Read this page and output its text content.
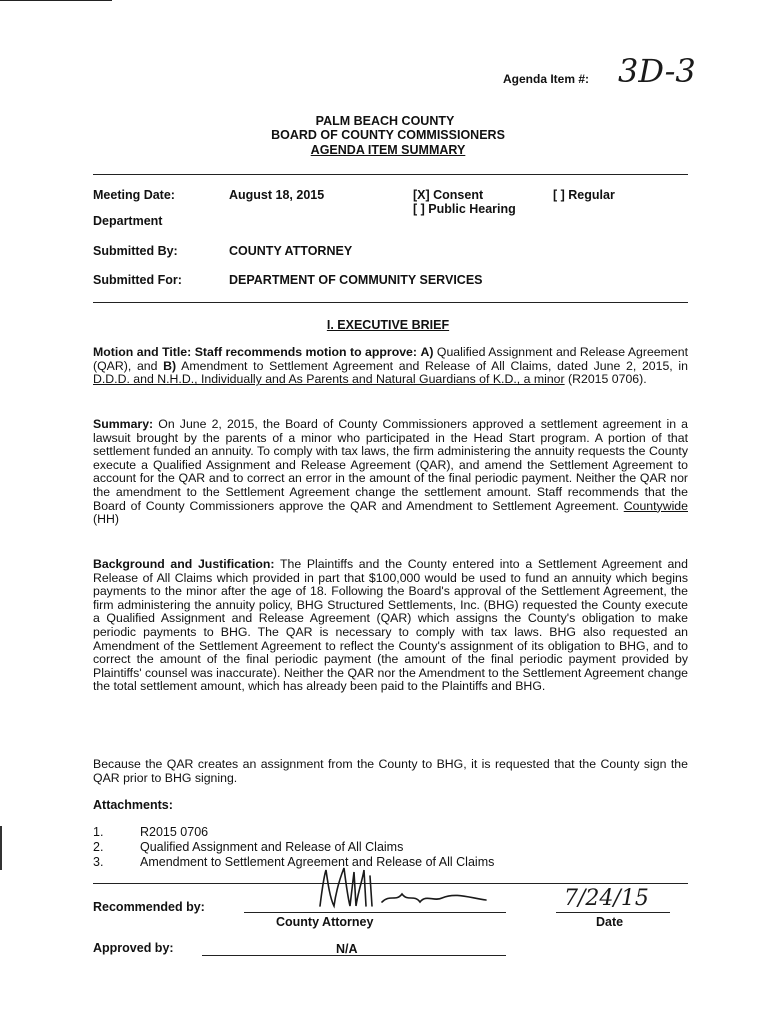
Agenda Item #: 3D-3
PALM BEACH COUNTY
BOARD OF COUNTY COMMISSIONERS
AGENDA ITEM SUMMARY
Meeting Date:	August 18, 2015	[X] Consent	[ ] Regular
[ ] Public Hearing
Department
Submitted By:	COUNTY ATTORNEY
Submitted For:	DEPARTMENT OF COMMUNITY SERVICES
I. EXECUTIVE BRIEF
Motion and Title: Staff recommends motion to approve: A) Qualified Assignment and Release Agreement (QAR), and B) Amendment to Settlement Agreement and Release of All Claims, dated June 2, 2015, in D.D.D. and N.H.D., Individually and As Parents and Natural Guardians of K.D., a minor (R2015 0706).
Summary: On June 2, 2015, the Board of County Commissioners approved a settlement agreement in a lawsuit brought by the parents of a minor who participated in the Head Start program. A portion of that settlement funded an annuity. To comply with tax laws, the firm administering the annuity requests the County execute a Qualified Assignment and Release Agreement (QAR), and amend the Settlement Agreement to account for the QAR and to correct an error in the amount of the final periodic payment. Neither the QAR nor the amendment to the Settlement Agreement change the settlement amount. Staff recommends that the Board of County Commissioners approve the QAR and Amendment to Settlement Agreement. Countywide (HH)
Background and Justification: The Plaintiffs and the County entered into a Settlement Agreement and Release of All Claims which provided in part that $100,000 would be used to fund an annuity which begins payments to the minor after the age of 18. Following the Board's approval of the Settlement Agreement, the firm administering the annuity policy, BHG Structured Settlements, Inc. (BHG) requested the County execute a Qualified Assignment and Release Agreement (QAR) which assigns the County's obligation to make periodic payments to BHG. The QAR is necessary to comply with tax laws. BHG also requested an Amendment of the Settlement Agreement to reflect the County's assignment of its obligation to BHG, and to correct the amount of the final periodic payment (the amount of the final periodic payment provided by Plaintiffs' counsel was inaccurate). Neither the QAR nor the Amendment to the Settlement Agreement change the total settlement amount, which has already been paid to the Plaintiffs and BHG.
Because the QAR creates an assignment from the County to BHG, it is requested that the County sign the QAR prior to BHG signing.
Attachments:
1.	R2015 0706
2.	Qualified Assignment and Release of All Claims
3.	Amendment to Settlement Agreement and Release of All Claims
Recommended by:
County Attorney
7/24/15
Date
Approved by:	N/A
